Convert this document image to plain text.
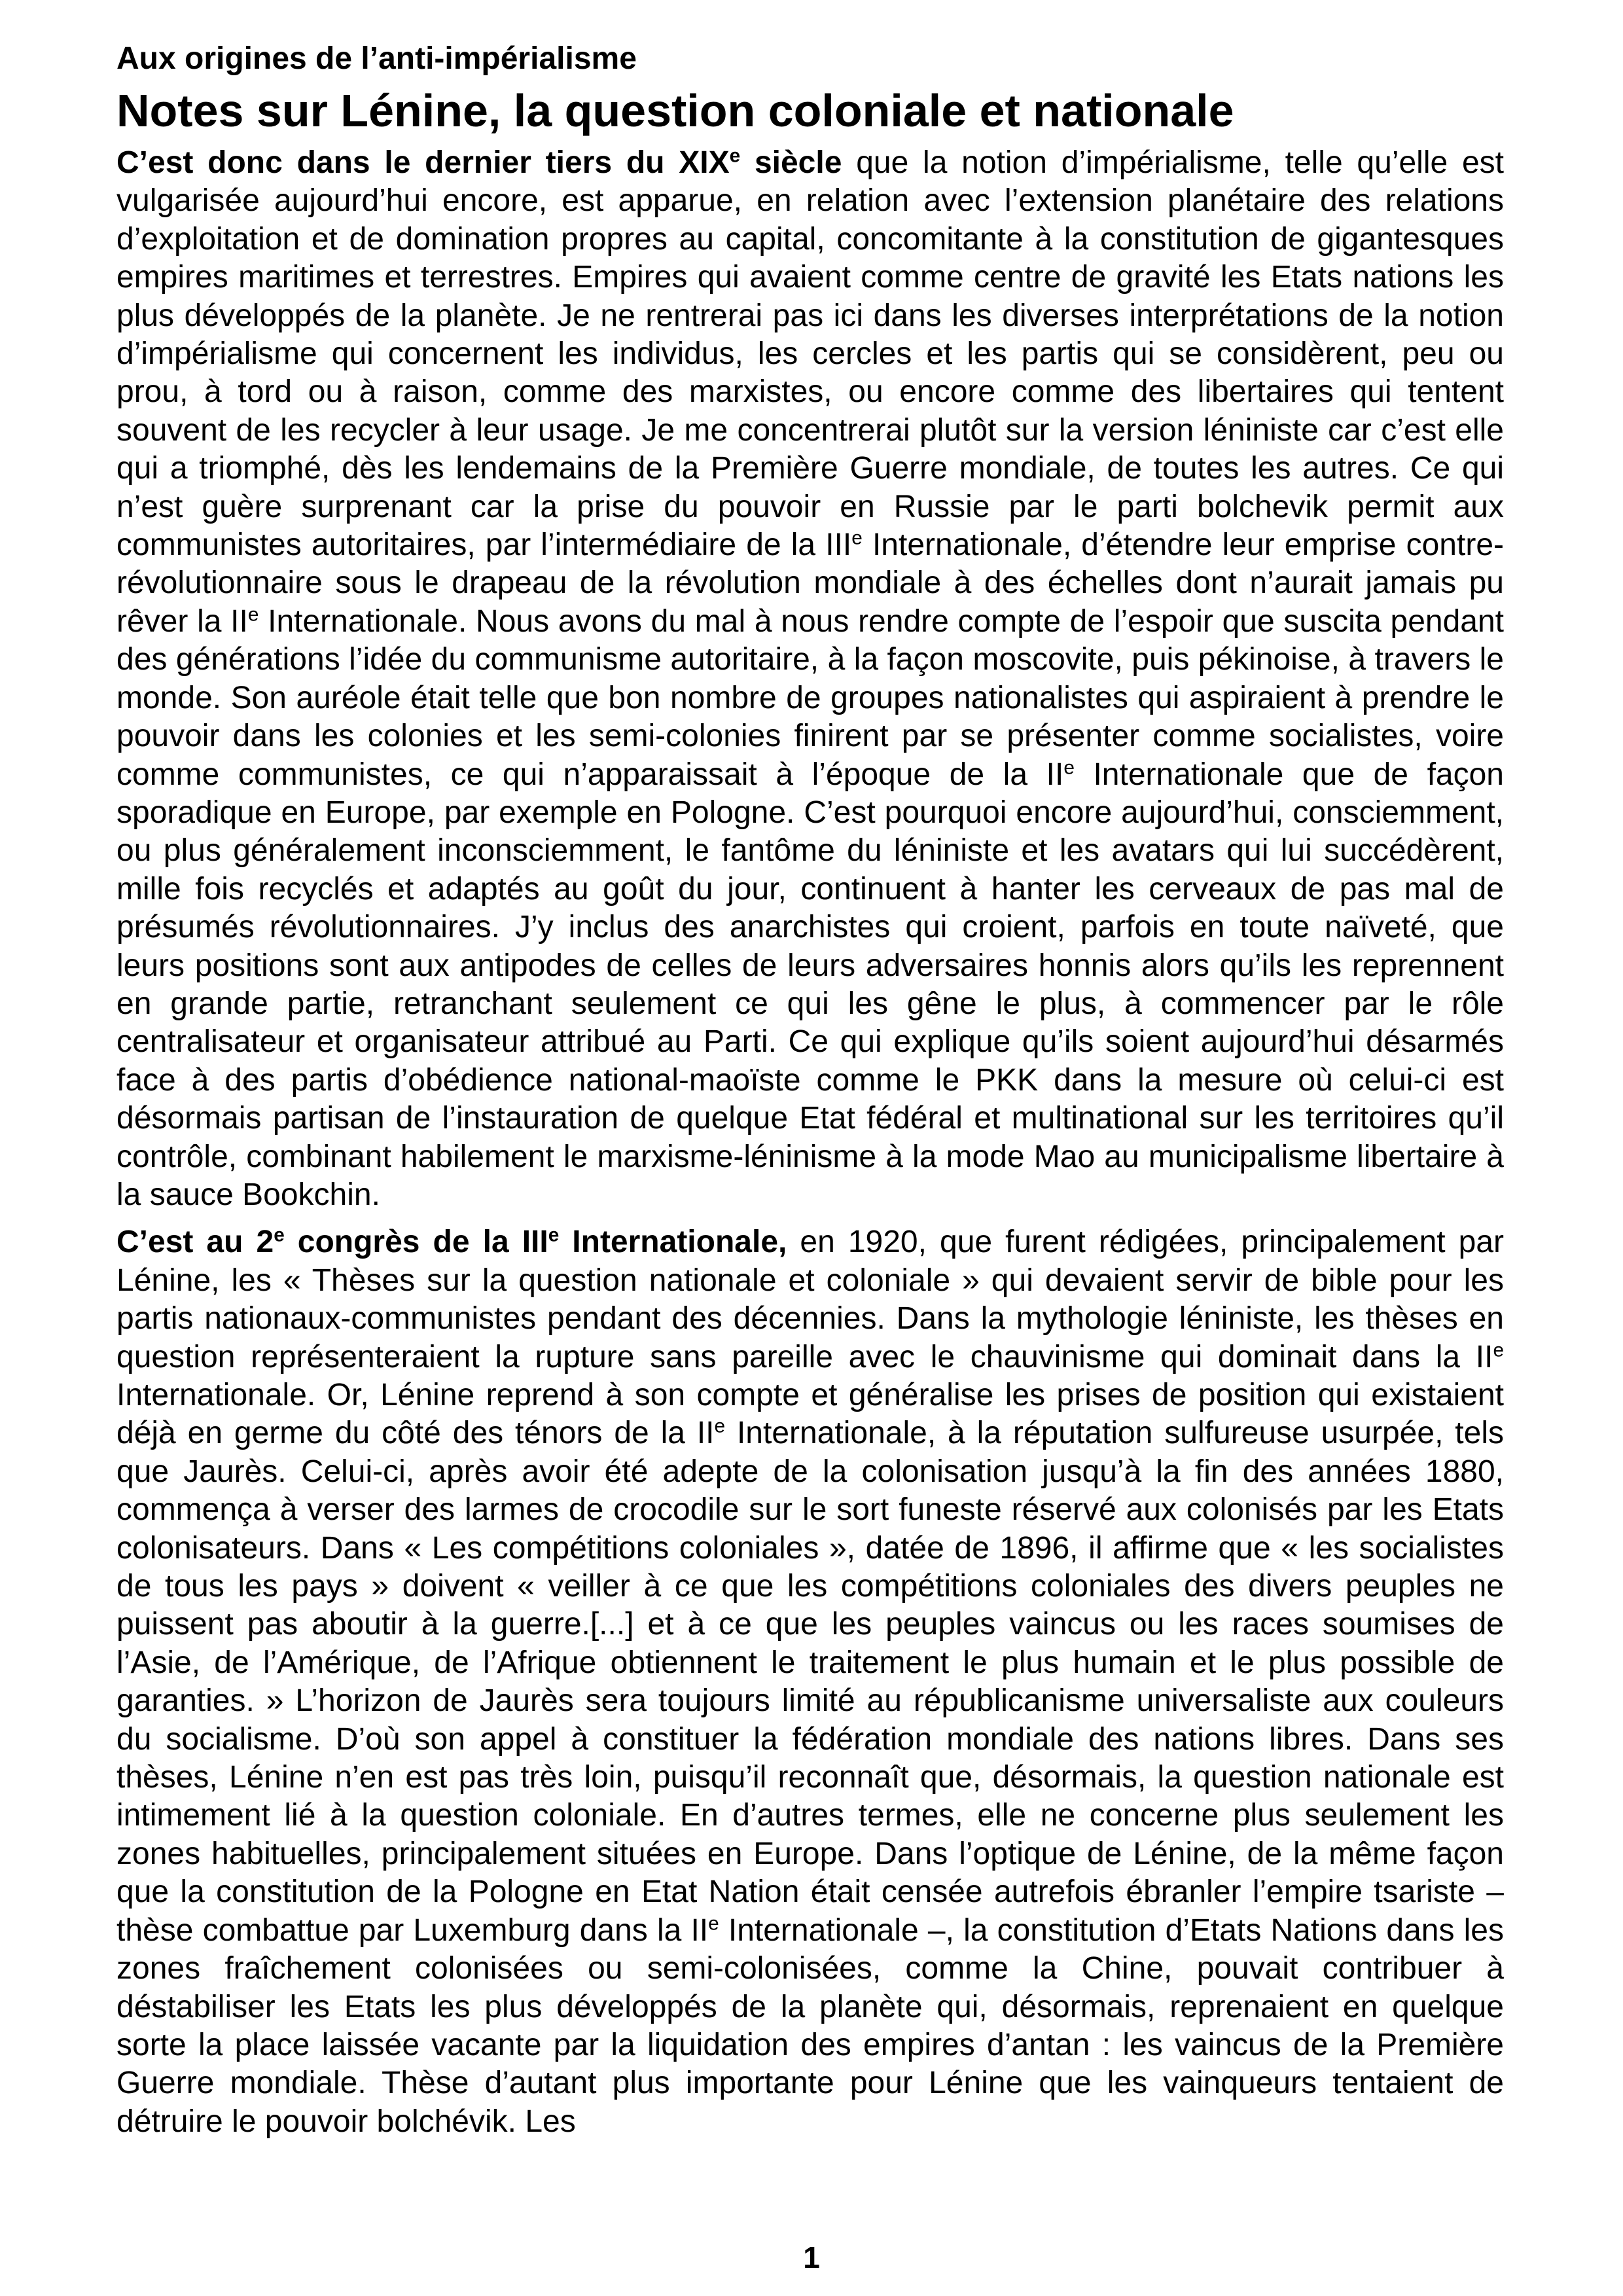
Aux origines de l’anti-impérialisme

Notes sur Lénine, la question coloniale et nationale

C’est donc dans le dernier tiers du XIXe siècle que la notion d’impérialisme, telle qu’elle est vulgarisée aujourd’hui encore, est apparue, en relation avec l’extension planétaire des relations d’exploitation et de domination propres au capital, concomitante à la constitution de gigantesques empires maritimes et terrestres. Empires qui avaient comme centre de gravité les Etats nations les plus développés de la planète. Je ne rentrerai pas ici dans les diverses interprétations de la notion d’impérialisme qui concernent les individus, les cercles et les partis qui se considèrent, peu ou prou, à tord ou à raison, comme des marxistes, ou encore comme des libertaires qui tentent souvent de les recycler à leur usage. Je me concentrerai plutôt sur la version léniniste car c’est elle qui a triomphé, dès les lendemains de la Première Guerre mondiale, de toutes les autres. Ce qui n’est guère surprenant car la prise du pouvoir en Russie par le parti bolchevik permit aux communistes autoritaires, par l’intermédiaire de la IIIe Internationale, d’étendre leur emprise contre-révolutionnaire sous le drapeau de la révolution mondiale à des échelles dont n’aurait jamais pu rêver la IIe Internationale. Nous avons du mal à nous rendre compte de l’espoir que suscita pendant des générations l’idée du communisme autoritaire, à la façon moscovite, puis pékinoise, à travers le monde. Son auréole était telle que bon nombre de groupes nationalistes qui aspiraient à prendre le pouvoir dans les colonies et les semi-colonies finirent par se présenter comme socialistes, voire comme communistes, ce qui n’apparaissait à l’époque de la IIe Internationale que de façon sporadique en Europe, par exemple en Pologne. C’est pourquoi encore aujourd’hui, consciemment, ou plus généralement inconsciemment, le fantôme du léniniste et les avatars qui lui succédèrent, mille fois recyclés et adaptés au goût du jour, continuent à hanter les cerveaux de pas mal de présumés révolutionnaires. J’y inclus des anarchistes qui croient, parfois en toute naïveté, que leurs positions sont aux antipodes de celles de leurs adversaires honnis alors qu’ils les reprennent en grande partie, retranchant seulement ce qui les gêne le plus, à commencer par le rôle centralisateur et organisateur attribué au Parti. Ce qui explique qu’ils soient aujourd’hui désarmés face à des partis d’obédience national-maoïste comme le PKK dans la mesure où celui-ci est désormais partisan de l’instauration de quelque Etat fédéral et multinational sur les territoires qu’il contrôle, combinant habilement le marxisme-léninisme à la mode Mao au municipalisme libertaire à la sauce Bookchin.

C’est au 2e congrès de la IIIe Internationale, en 1920, que furent rédigées, principalement par Lénine, les « Thèses sur la question nationale et coloniale » qui devaient servir de bible pour les partis nationaux-communistes pendant des décennies. Dans la mythologie léniniste, les thèses en question représenteraient la rupture sans pareille avec le chauvinisme qui dominait dans la IIe Internationale. Or, Lénine reprend à son compte et généralise les prises de position qui existaient déjà en germe du côté des ténors de la IIe Internationale, à la réputation sulfureuse usurpée, tels que Jaurès. Celui-ci, après avoir été adepte de la colonisation jusqu’à la fin des années 1880, commença à verser des larmes de crocodile sur le sort funeste réservé aux colonisés par les Etats colonisateurs. Dans « Les compétitions coloniales », datée de 1896, il affirme que « les socialistes de tous les pays » doivent « veiller à ce que les compétitions coloniales des divers peuples ne puissent pas aboutir à la guerre.[...] et à ce que les peuples vaincus ou les races soumises de l’Asie, de l’Amérique, de l’Afrique obtiennent le traitement le plus humain et le plus possible de garanties. » L’horizon de Jaurès sera toujours limité au républicanisme universaliste aux couleurs du socialisme. D’où son appel à constituer la fédération mondiale des nations libres. Dans ses thèses, Lénine n’en est pas très loin, puisqu’il reconnaît que, désormais, la question nationale est intimement lié à la question coloniale. En d’autres termes, elle ne concerne plus seulement les zones habituelles, principalement situées en Europe. Dans l’optique de Lénine, de la même façon que la constitution de la Pologne en Etat Nation était censée autrefois ébranler l’empire tsariste – thèse combattue par Luxemburg dans la IIe Internationale –, la constitution d’Etats Nations dans les zones fraîchement colonisées ou semi-colonisées, comme la Chine, pouvait contribuer à déstabiliser les Etats les plus développés de la planète qui, désormais, reprenaient en quelque sorte la place laissée vacante par la liquidation des empires d’antan : les vaincus de la Première Guerre mondiale. Thèse d’autant plus importante pour Lénine que les vainqueurs tentaient de détruire le pouvoir bolchévik. Les

1
